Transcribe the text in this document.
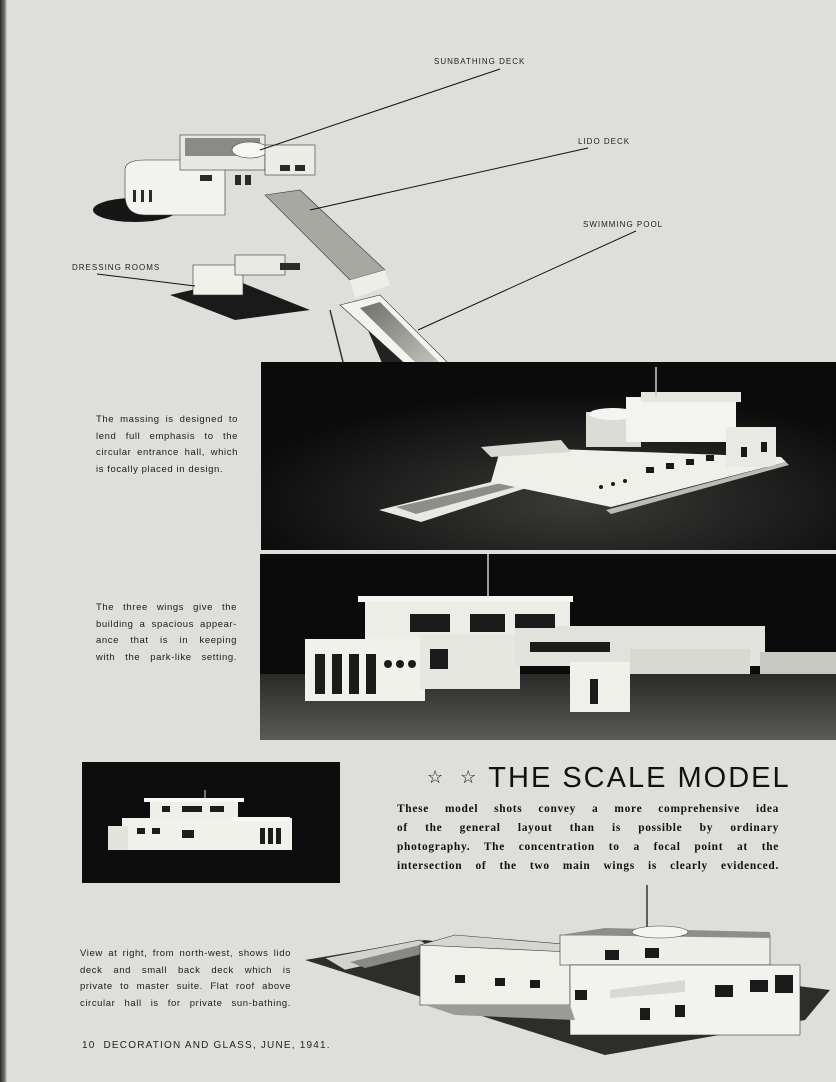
SUNBATHING DECK
LIDO DECK
SWIMMING POOL
DRESSING ROOMS
The massing is designed to
lend full emphasis to the
circular entrance hall, which
is focally placed in design.
The three wings give the
building a spacious appear-
ance that is in keeping
with the park-like setting.
☆ ☆ THE SCALE MODEL
These model shots convey a more comprehensive idea
of the general layout than is possible by ordinary
photography. The concentration to a focal point at the
intersection of the two main wings is clearly evidenced.
View at right, from north-west, shows lido
deck and small back deck which is
private to master suite. Flat roof above
circular hall is for private sun-bathing.
10 DECORATION AND GLASS, JUNE, 1941.
